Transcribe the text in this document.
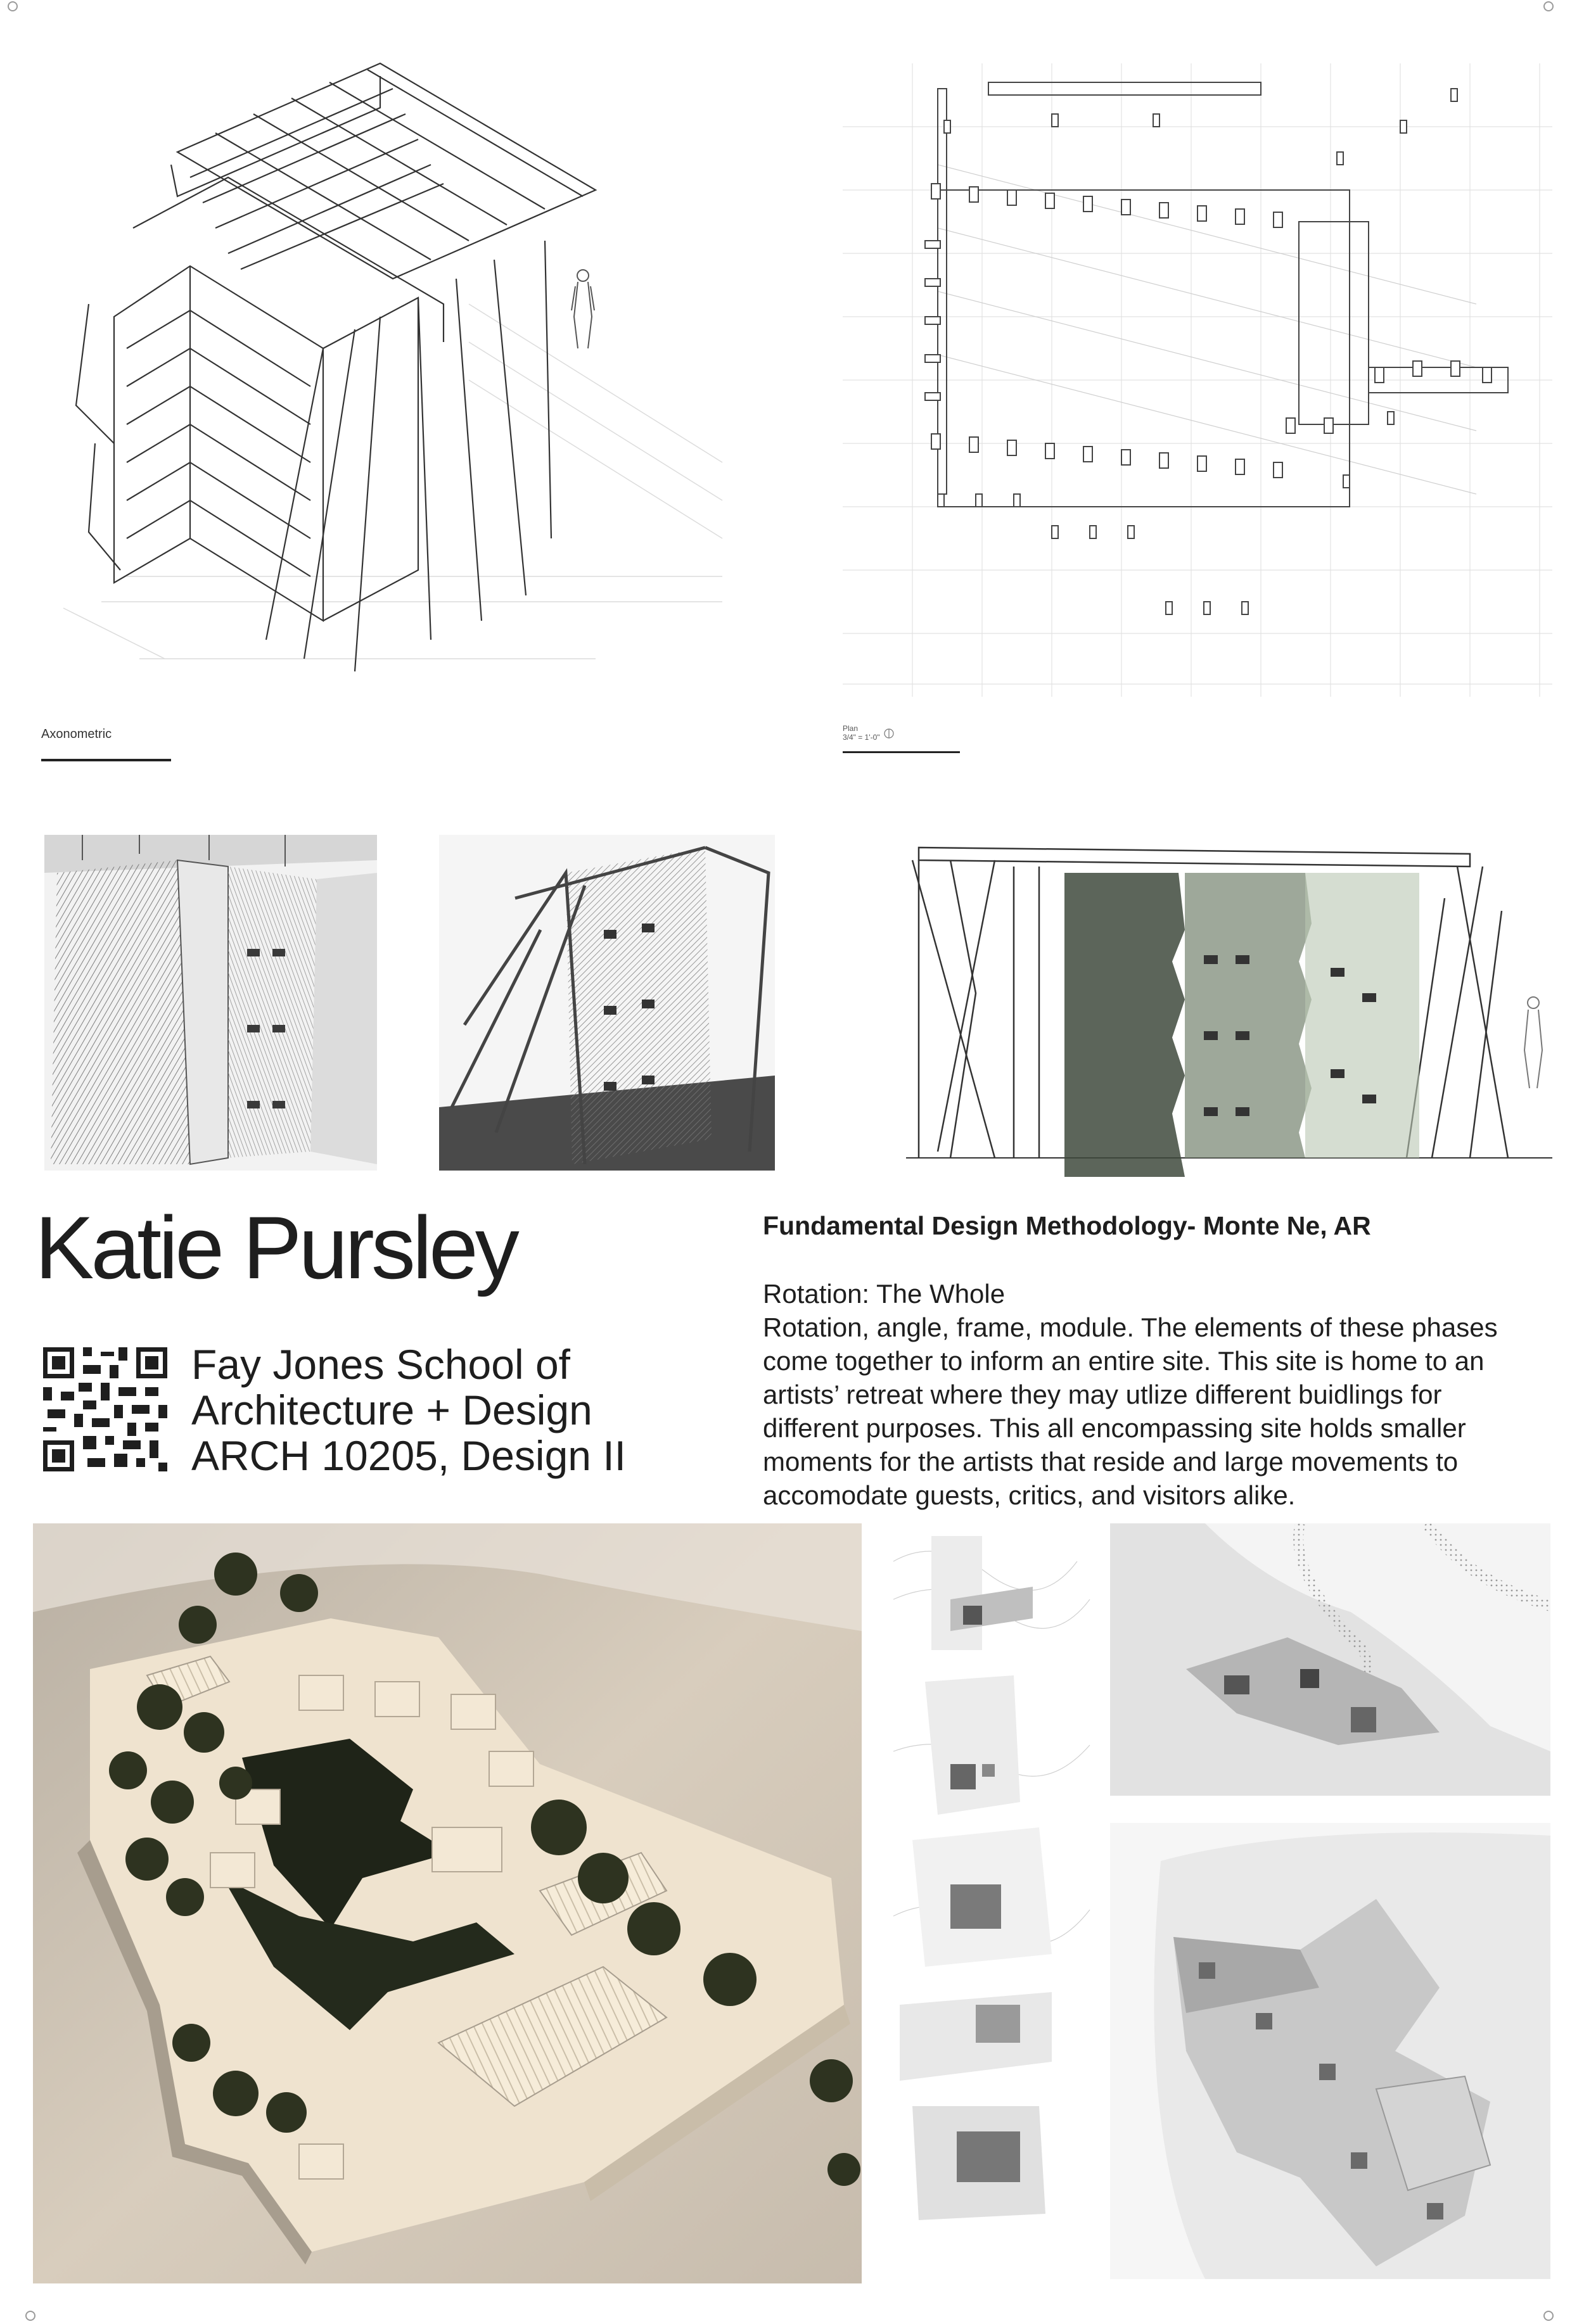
Axonometric	Plan
3/4" = 1'-0"
Katie Pursley
Fay Jones School of
Architecture + Design
ARCH 10205, Design II
Fundamental Design Methodology- Monte Ne, AR
Rotation: The Whole
Rotation, angle, frame, module. The elements of these phases
come together to inform an entire site. This site is home to an
artists’ retreat where they may utlize different buidlings for
different purposes. This all encompassing site holds smaller
moments for the artists that reside and large movements to
accomodate guests, critics, and visitors alike.
